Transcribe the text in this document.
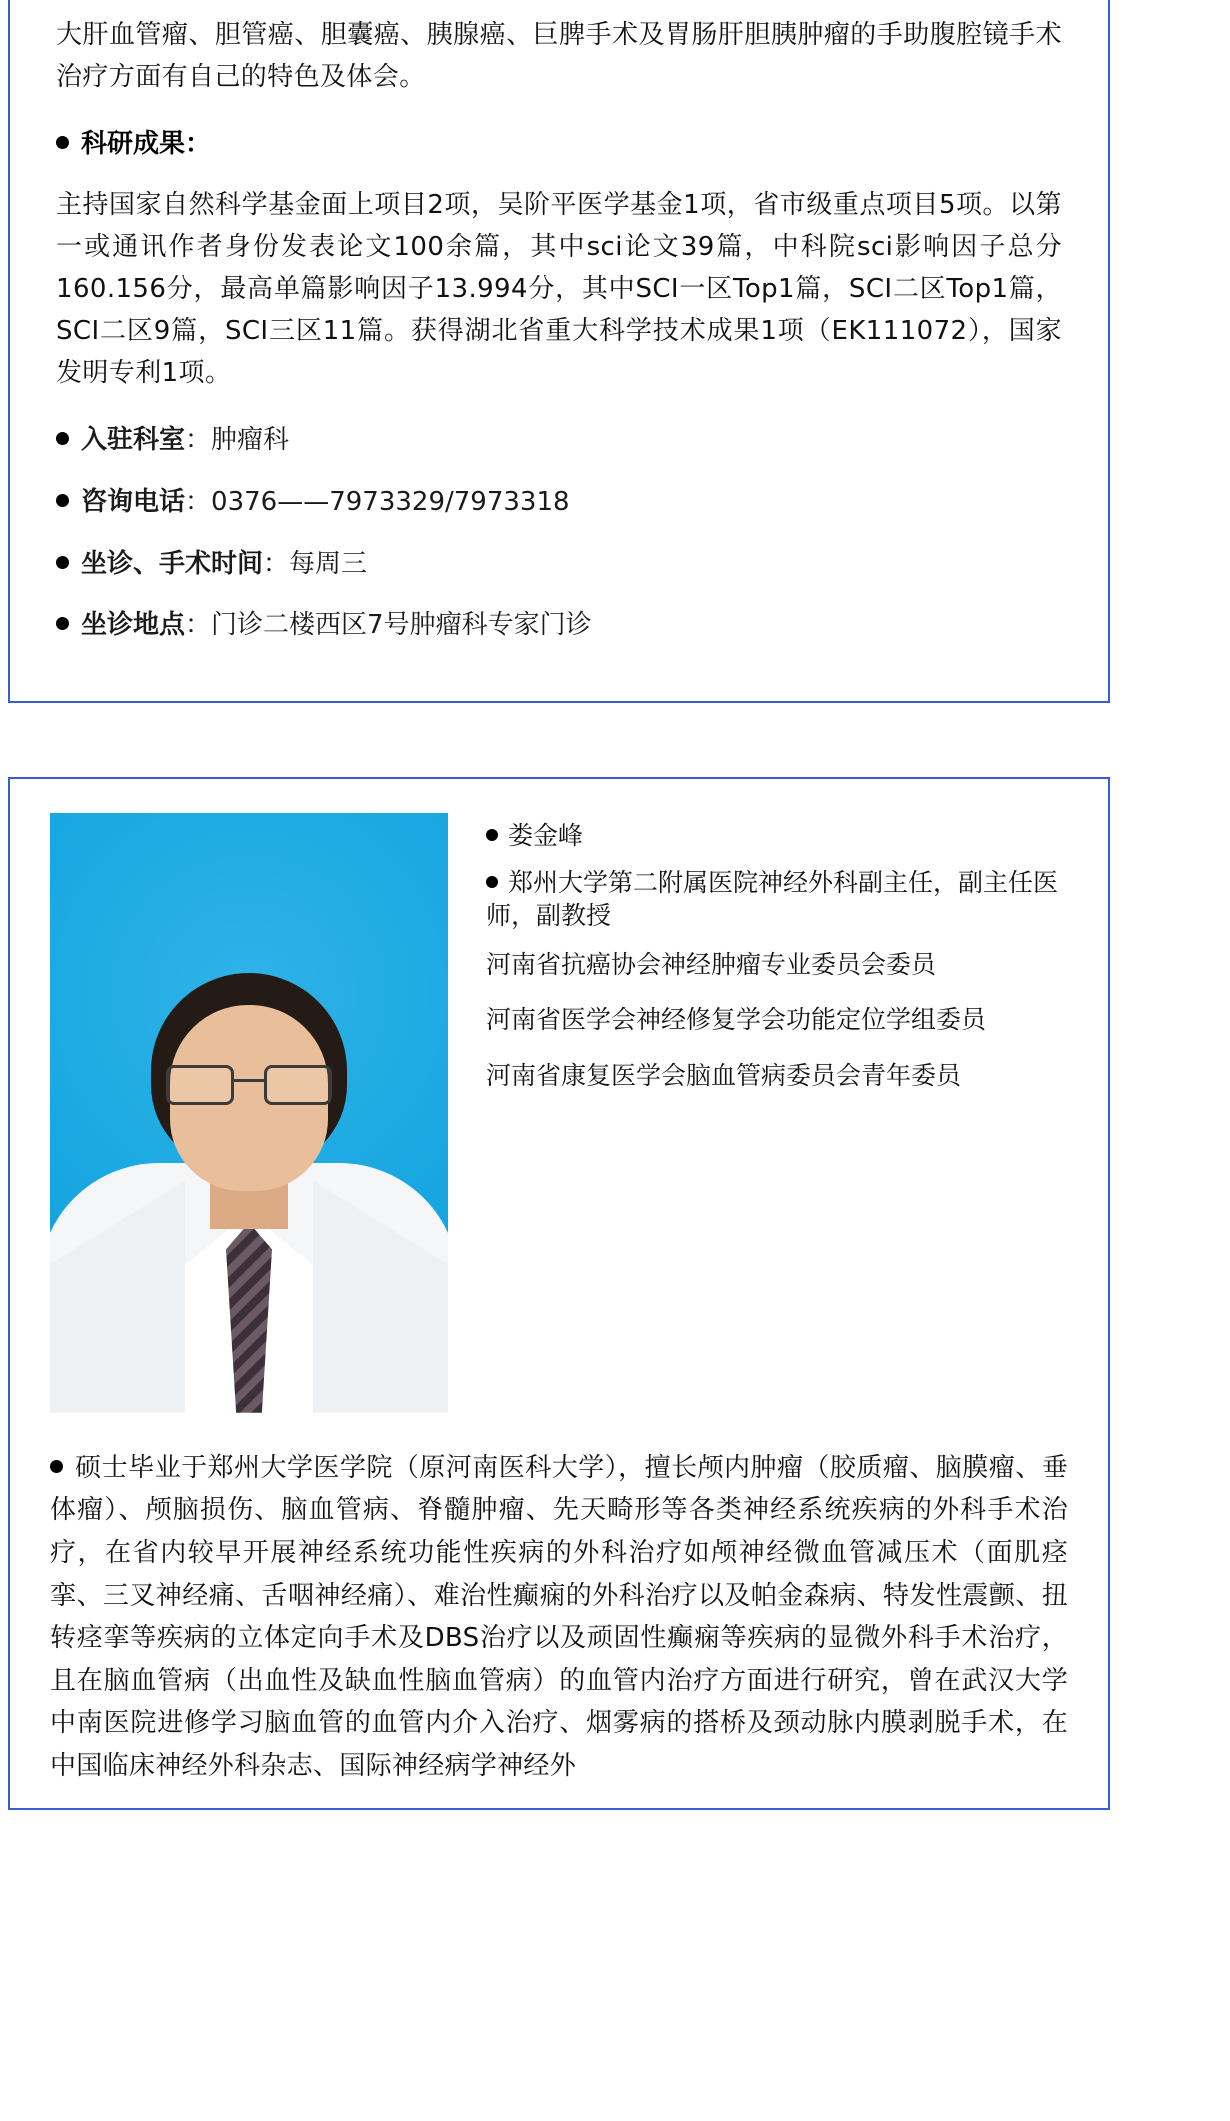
大肝血管瘤、胆管癌、胆囊癌、胰腺癌、巨脾手术及胃肠肝胆胰肿瘤的手助腹腔镜手术治疗方面有自己的特色及体会。

科研成果：

主持国家自然科学基金面上项目2项，吴阶平医学基金1项，省市级重点项目5项。以第一或通讯作者身份发表论文100余篇，其中sci论文39篇，中科院sci影响因子总分160.156分，最高单篇影响因子13.994分，其中SCI一区Top1篇，SCI二区Top1篇，SCI二区9篇，SCI三区11篇。获得湖北省重大科学技术成果1项（EK111072），国家发明专利1项。

入驻科室：肿瘤科

咨询电话：0376——7973329/7973318

坐诊、手术时间：每周三

坐诊地点：门诊二楼西区7号肿瘤科专家门诊

娄金峰

郑州大学第二附属医院神经外科副主任，副主任医师，副教授

河南省抗癌协会神经肿瘤专业委员会委员

河南省医学会神经修复学会功能定位学组委员

河南省康复医学会脑血管病委员会青年委员

硕士毕业于郑州大学医学院（原河南医科大学），擅长颅内肿瘤（胶质瘤、脑膜瘤、垂体瘤）、颅脑损伤、脑血管病、脊髓肿瘤、先天畸形等各类神经系统疾病的外科手术治疗，在省内较早开展神经系统功能性疾病的外科治疗如颅神经微血管减压术（面肌痉挛、三叉神经痛、舌咽神经痛）、难治性癫痫的外科治疗以及帕金森病、特发性震颤、扭转痉挛等疾病的立体定向手术及DBS治疗以及顽固性癫痫等疾病的显微外科手术治疗，且在脑血管病（出血性及缺血性脑血管病）的血管内治疗方面进行研究，曾在武汉大学中南医院进修学习脑血管的血管内介入治疗、烟雾病的搭桥及颈动脉内膜剥脱手术，在中国临床神经外科杂志、国际神经病学神经外
